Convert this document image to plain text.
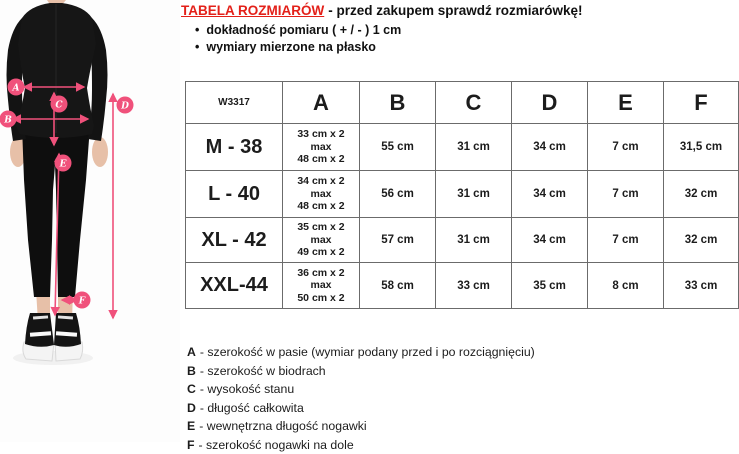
A
B
C	D
E
F
TABELA ROZMIARÓW - przed zakupem sprawdź rozmiarówkę!
• dokładność pomiaru ( + / - ) 1 cm
• wymiary mierzone na płasko
W3317	A	B	C	D	E	F
M - 38	33 cm x 2
max
48 cm x 2	55 cm	31 cm	34 cm	7 cm	31,5 cm
L - 40	34 cm x 2
max
48 cm x 2	56 cm	31 cm	34 cm	7 cm	32 cm
XL - 42	35 cm x 2
max
49 cm x 2	57 cm	31 cm	34 cm	7 cm	32 cm
XXL-44	36 cm x 2
max
50 cm x 2	58 cm	33 cm	35 cm	8 cm	33 cm
A - szerokość w pasie (wymiar podany przed i po rozciągnięciu)
B - szerokość w biodrach
C - wysokość stanu
D - długość całkowita
E - wewnętrzna długość nogawki
F - szerokość nogawki na dole
